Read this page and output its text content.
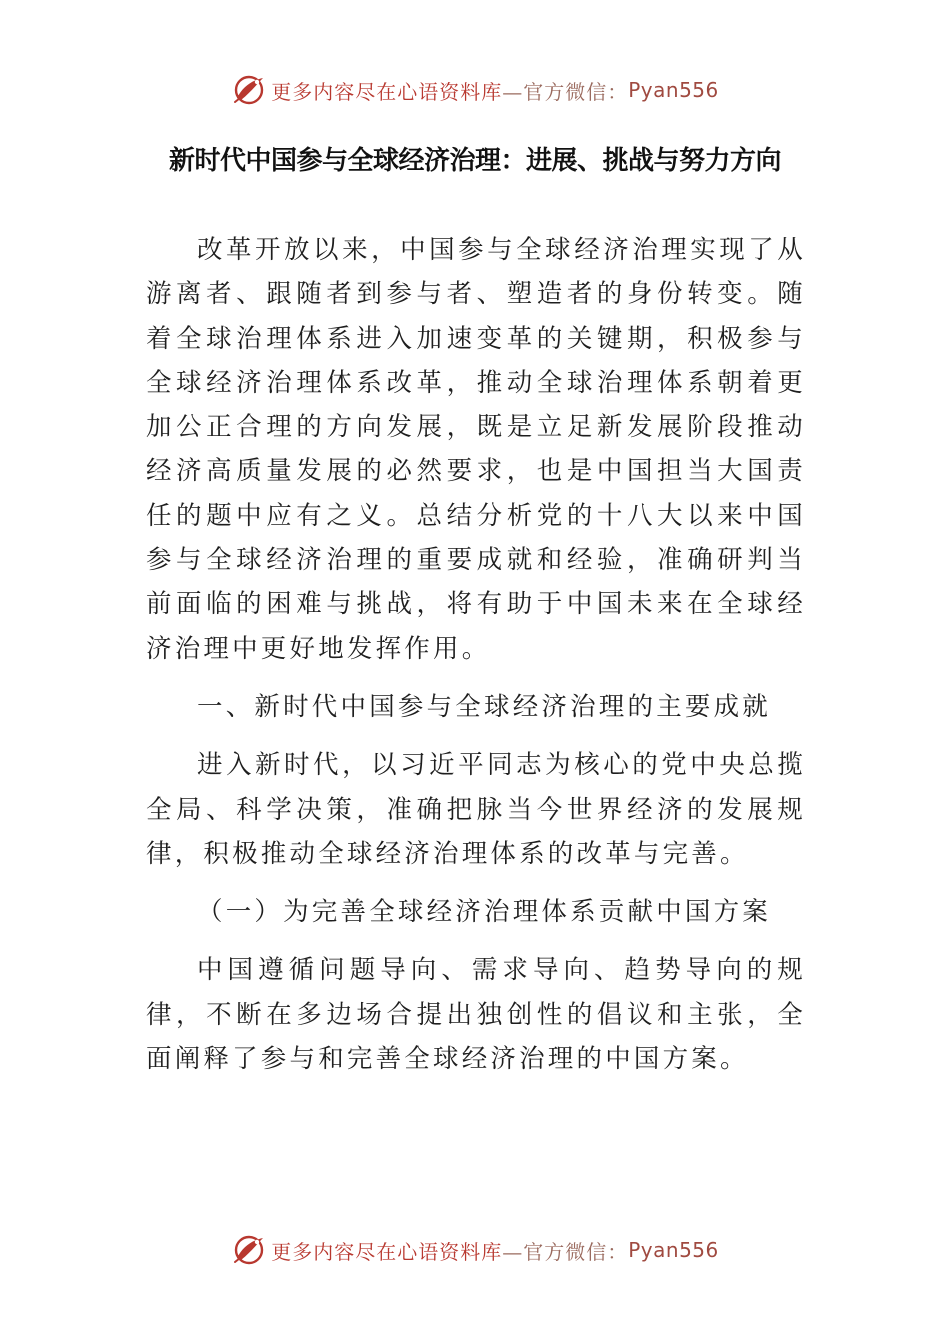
更多内容尽在心语资料库 —官方微信： Pyan556
新时代中国参与全球经济治理：进展、挑战与努力方向

改革开放以来，中国参与全球经济治理实现了从游离者、跟随者到参与者、塑造者的身份转变。随着全球治理体系进入加速变革的关键期，积极参与全球经济治理体系改革，推动全球治理体系朝着更加公正合理的方向发展，既是立足新发展阶段推动经济高质量发展的必然要求，也是中国担当大国责任的题中应有之义。总结分析党的十八大以来中国参与全球经济治理的重要成就和经验，准确研判当前面临的困难与挑战，将有助于中国未来在全球经济治理中更好地发挥作用。

一、新时代中国参与全球经济治理的主要成就

进入新时代，以习近平同志为核心的党中央总揽全局、科学决策，准确把脉当今世界经济的发展规律，积极推动全球经济治理体系的改革与完善。

（一）为完善全球经济治理体系贡献中国方案

中国遵循问题导向、需求导向、趋势导向的规律，不断在多边场合提出独创性的倡议和主张，全面阐释了参与和完善全球经济治理的中国方案。

更多内容尽在心语资料库 —官方微信： Pyan556
